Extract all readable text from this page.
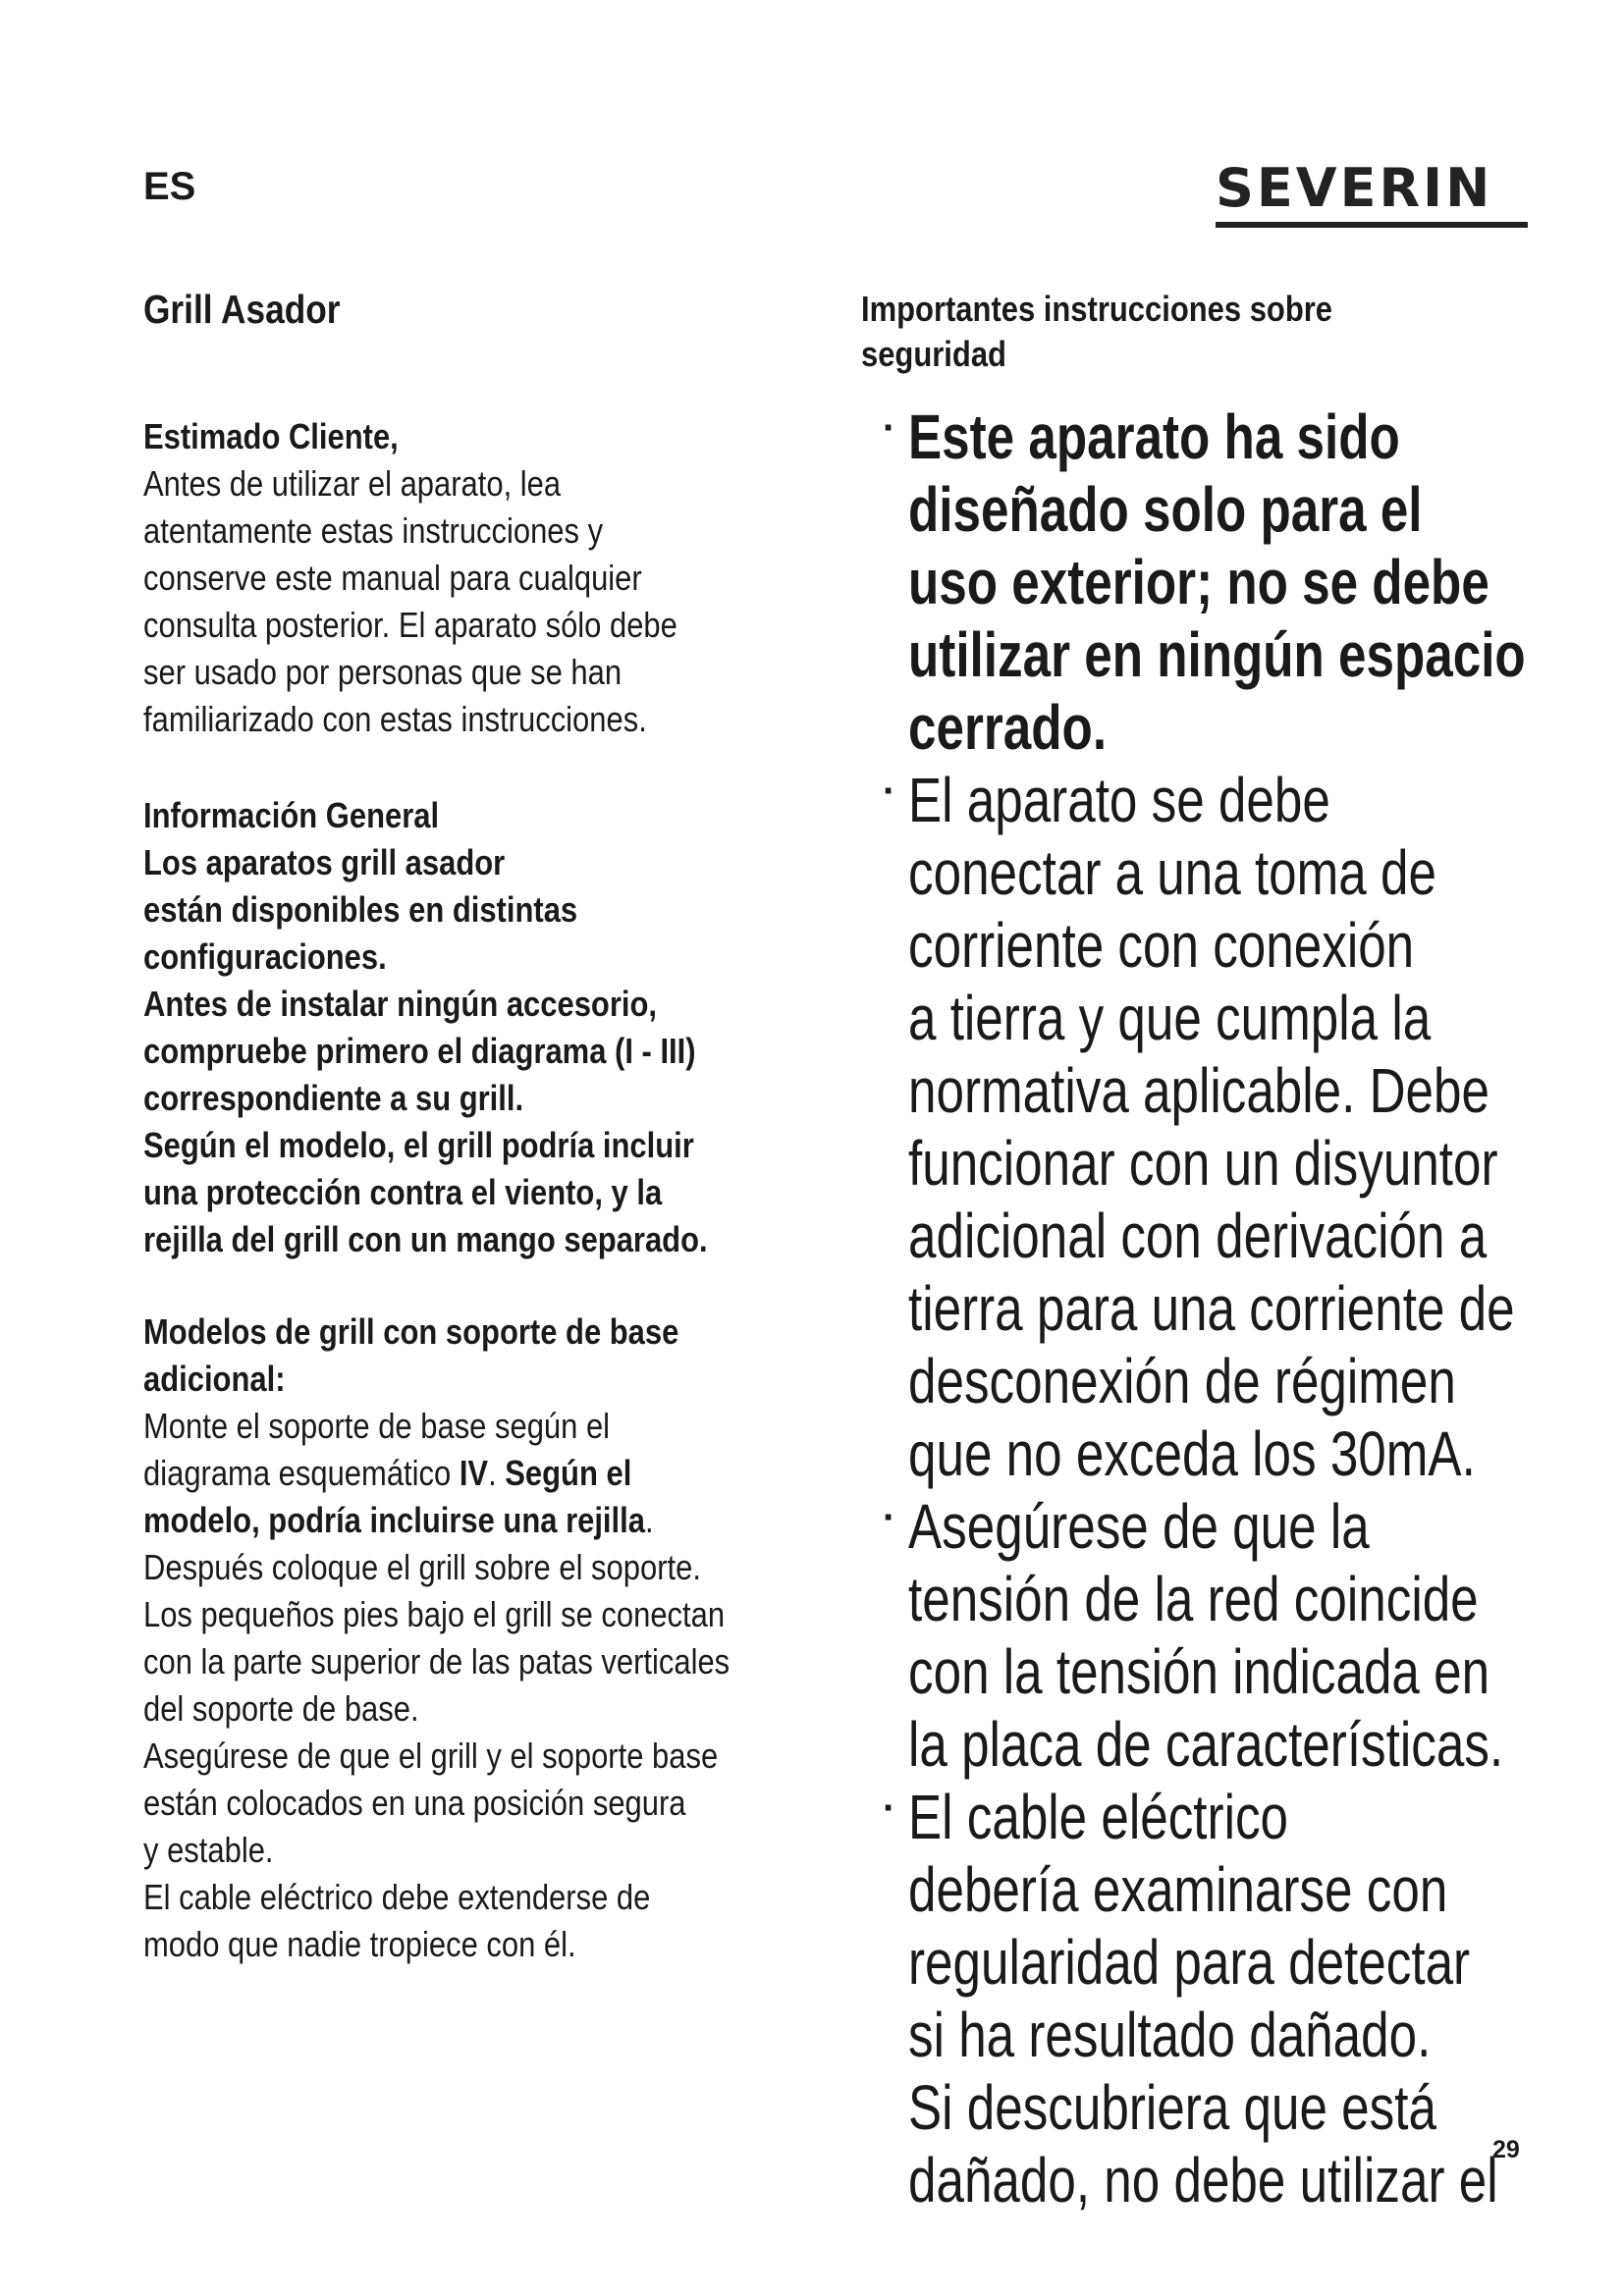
ES	SEVERIN
Grill Asador
Estimado Cliente,
Antes de utilizar el aparato, lea
atentamente estas instrucciones y
conserve este manual para cualquier
consulta posterior. El aparato sólo debe
ser usado por personas que se han
familiarizado con estas instrucciones.
Información General
Los aparatos grill asador
están disponibles en distintas
configuraciones.
Antes de instalar ningún accesorio,
compruebe primero el diagrama (I - III)
correspondiente a su grill.
Según el modelo, el grill podría incluir
una protección contra el viento, y la
rejilla del grill con un mango separado.
Modelos de grill con soporte de base
adicional:
Monte el soporte de base según el
diagrama esquemático IV. Según el
modelo, podría incluirse una rejilla.
Después coloque el grill sobre el soporte.
Los pequeños pies bajo el grill se conectan
con la parte superior de las patas verticales
del soporte de base.
Asegúrese de que el grill y el soporte base
están colocados en una posición segura
y estable.
El cable eléctrico debe extenderse de
modo que nadie tropiece con él.
Importantes instrucciones sobre
seguridad
· Este aparato ha sido
diseñado solo para el
uso exterior; no se debe
utilizar en ningún espacio
cerrado.
· El aparato se debe
conectar a una toma de
corriente con conexión
a tierra y que cumpla la
normativa aplicable. Debe
funcionar con un disyuntor
adicional con derivación a
tierra para una corriente de
desconexión de régimen
que no exceda los 30mA.
· Asegúrese de que la
tensión de la red coincide
con la tensión indicada en
la placa de características.
· El cable eléctrico
debería examinarse con
regularidad para detectar
si ha resultado dañado.
Si descubriera que está
dañado, no debe utilizar el
29
